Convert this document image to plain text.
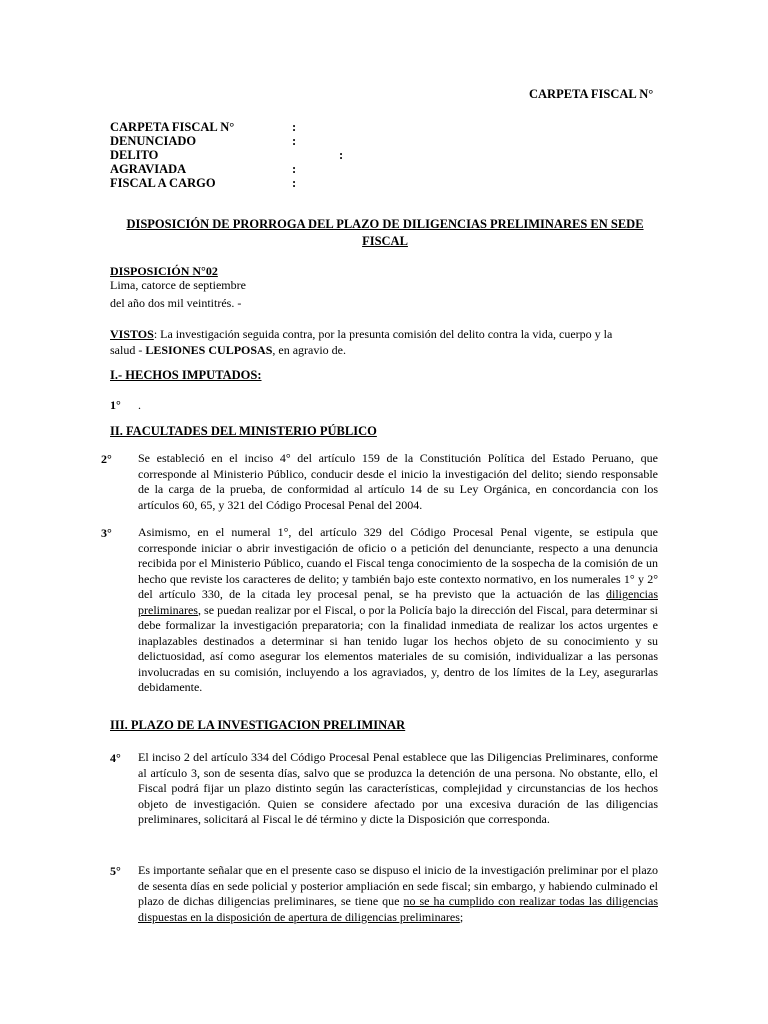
CARPETA FISCAL N°
CARPETA FISCAL N°	:
DENUNCIADO	:
DELITO	:
AGRAVIADA	:
FISCAL A CARGO	:
DISPOSICIÓN DE PRORROGA DEL PLAZO DE DILIGENCIAS PRELIMINARES EN SEDE FISCAL
DISPOSICIÓN N°02
Lima, catorce de septiembre
del año dos mil veintitrés. -
VISTOS: La investigación seguida contra, por la presunta comisión del delito contra la vida, cuerpo y la
salud - LESIONES CULPOSAS, en agravio de.
I.- HECHOS IMPUTADOS:
1° .
II. FACULTADES DEL MINISTERIO PÚBLICO
2° Se estableció en el inciso 4° del artículo 159 de la Constitución Política del Estado Peruano, que corresponde al Ministerio Público, conducir desde el inicio la investigación del delito; siendo responsable de la carga de la prueba, de conformidad al artículo 14 de su Ley Orgánica, en concordancia con los artículos 60, 65, y 321 del Código Procesal Penal del 2004.
3° Asimismo, en el numeral 1°, del artículo 329 del Código Procesal Penal vigente, se estipula que corresponde iniciar o abrir investigación de oficio o a petición del denunciante, respecto a una denuncia recibida por el Ministerio Público, cuando el Fiscal tenga conocimiento de la sospecha de la comisión de un hecho que reviste los caracteres de delito; y también bajo este contexto normativo, en los numerales 1° y 2° del artículo 330, de la citada ley procesal penal, se ha previsto que la actuación de las diligencias preliminares, se puedan realizar por el Fiscal, o por la Policía bajo la dirección del Fiscal, para determinar si debe formalizar la investigación preparatoria; con la finalidad inmediata de realizar los actos urgentes e inaplazables destinados a determinar si han tenido lugar los hechos objeto de su conocimiento y su delictuosidad, así como asegurar los elementos materiales de su comisión, individualizar a las personas involucradas en su comisión, incluyendo a los agraviados, y, dentro de los límites de la Ley, asegurarlas debidamente.
III. PLAZO DE LA INVESTIGACION PRELIMINAR
4° El inciso 2 del artículo 334 del Código Procesal Penal establece que las Diligencias Preliminares, conforme al artículo 3, son de sesenta días, salvo que se produzca la detención de una persona. No obstante, ello, el Fiscal podrá fijar un plazo distinto según las características, complejidad y circunstancias de los hechos objeto de investigación. Quien se considere afectado por una excesiva duración de las diligencias preliminares, solicitará al Fiscal le dé término y dicte la Disposición que corresponda.
5° Es importante señalar que en el presente caso se dispuso el inicio de la investigación preliminar por el plazo de sesenta días en sede policial y posterior ampliación en sede fiscal; sin embargo, y habiendo culminado el plazo de dichas diligencias preliminares, se tiene que no se ha cumplido con realizar todas las diligencias dispuestas en la disposición de apertura de diligencias preliminares;
